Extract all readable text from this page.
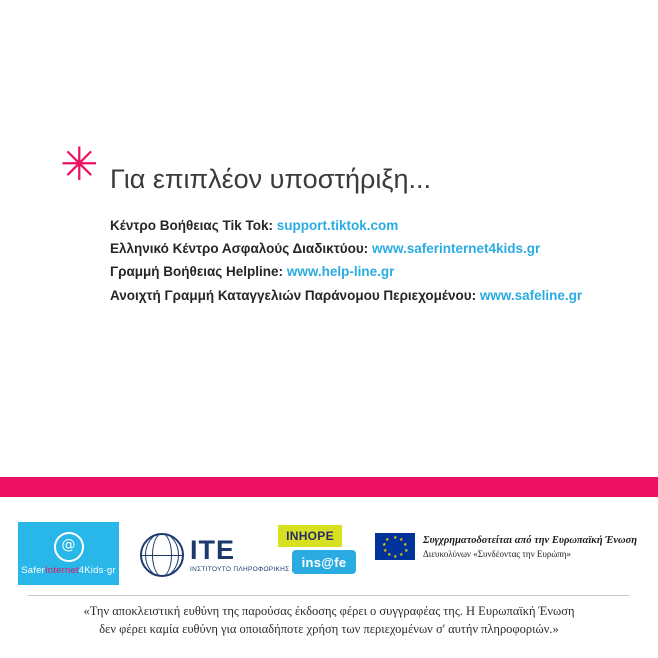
✳ Για επιπλέον υποστήριξη...
Κέντρο Βοήθειας Tik Tok: support.tiktok.com
Ελληνικό Κέντρο Ασφαλούς Διαδικτύου: www.saferinternet4kids.gr
Γραμμή Βοήθειας Helpline: www.help-line.gr
Ανοιχτή Γραμμή Καταγγελιών Παράνομου Περιεχομένου: www.safeline.gr
@
SaferInternet4Kids·gr
ITE
ΙΝΣΤΙΤΟΥΤΟ ΠΛΗΡΟΦΟΡΙΚΗΣ
INHOPE
ins@fe
★ ★
★
★
★
★
★
★
★
★	Συγχρηματοδοτείται από την Ευρωπαϊκή Ένωση
Διευκολύνων «Συνδέοντας την Ευρώπη»
«Την αποκλειστική ευθύνη της παρούσας έκδοσης φέρει ο συγγραφέας της. Η Ευρωπαϊκή Ένωση
δεν φέρει καμία ευθύνη για οποιαδήποτε χρήση των περιεχομένων σ' αυτήν πληροφοριών.»
